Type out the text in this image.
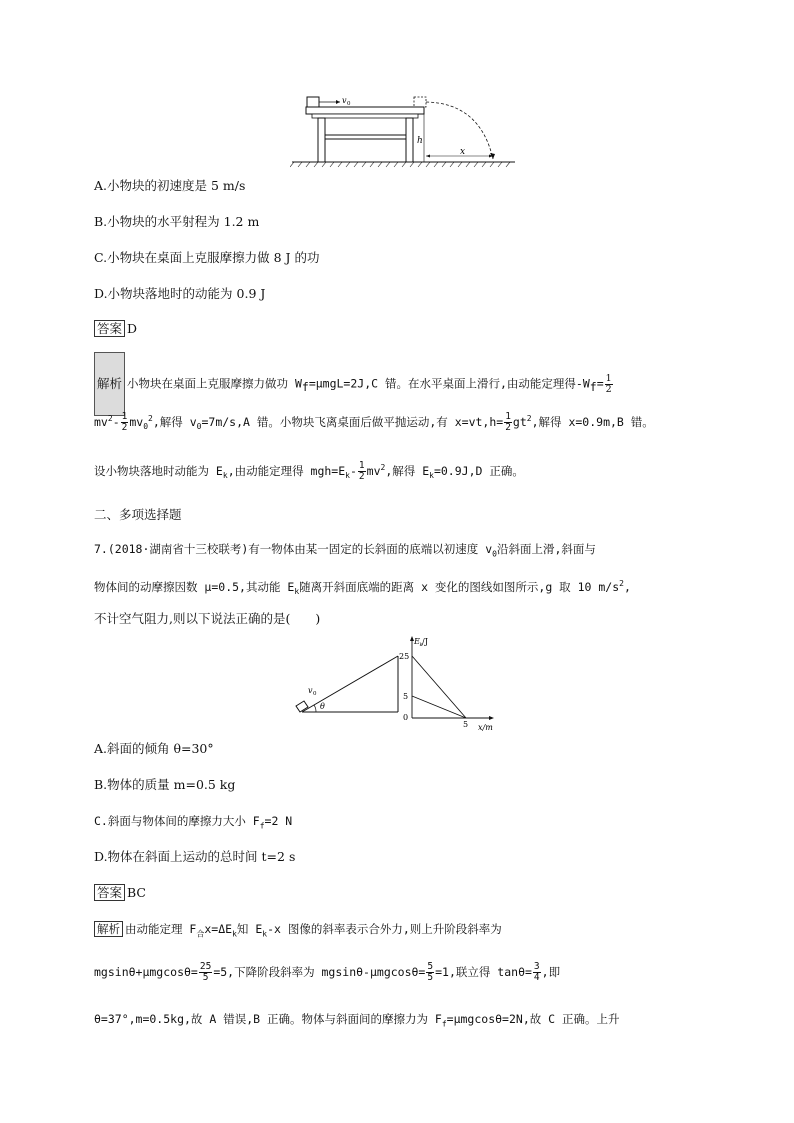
v 0
h
x
A.小物块的初速度是 5 m/s
B.小物块的水平射程为 1.2 m
C.小物块在桌面上克服摩擦力做 8 J 的功
D.小物块落地时的动能为 0.9 J
答案 D
解析 小物块在桌面上克服摩擦力做功 $W_f=\mu mgL=2J,C$ 错。在水平桌面上滑行,由动能定理得$-W_f= \frac{1}{2}$
$mv^2- \frac{1}{2} mv_0^2$,解得 $v_0=7m/s,A$ 错。小物块飞离桌面后做平抛运动,有 $x=vt,h= \frac{1}{2} gt^2$,解得 x=0.9m,B 错。
设小物块落地时动能为 $E_k$,由动能定理得 $mgh=E_k- \frac{1}{2} mv^2$,解得 $E_k=0.9J,D$ 正确。
二、多项选择题
7.(2018·湖南省十三校联考)有一物体由某一固定的长斜面的底端以初速度 $v_0$沿斜面上滑,斜面与
物体间的动摩擦因数 μ=0.5,其动能 $E_k$随离开斜面底端的距离 x 变化的图线如图所示,g 取 10 $m/s^2$,
不计空气阻力,则以下说法正确的是(　　)
v 0
θ
E k /J
x/m
25
5
0
5
A.斜面的倾角 θ=30°
B.物体的质量 m=0.5 kg
C.斜面与物体间的摩擦力大小 $F_f=2$ N
D.物体在斜面上运动的总时间 t=2 s
答案 BC
解析 由动能定理 $F_合x=\Delta E_k$知 $E_k-x$ 图像的斜率表示合外力,则上升阶段斜率为
$mgsin\theta+\mu mgcos\theta= \frac{25}{5} =5$,下降阶段斜率为 $mgsin\theta-\mu mgcos\theta= \frac{5}{5} =1$,联立得 $\tan\theta= \frac{3}{4}$ ,即
θ=37°,m=0.5kg,故 A 错误,B 正确。物体与斜面间的摩擦力为 $F_f=\mu mgcos\theta=2N$,故 C 正确。上升
